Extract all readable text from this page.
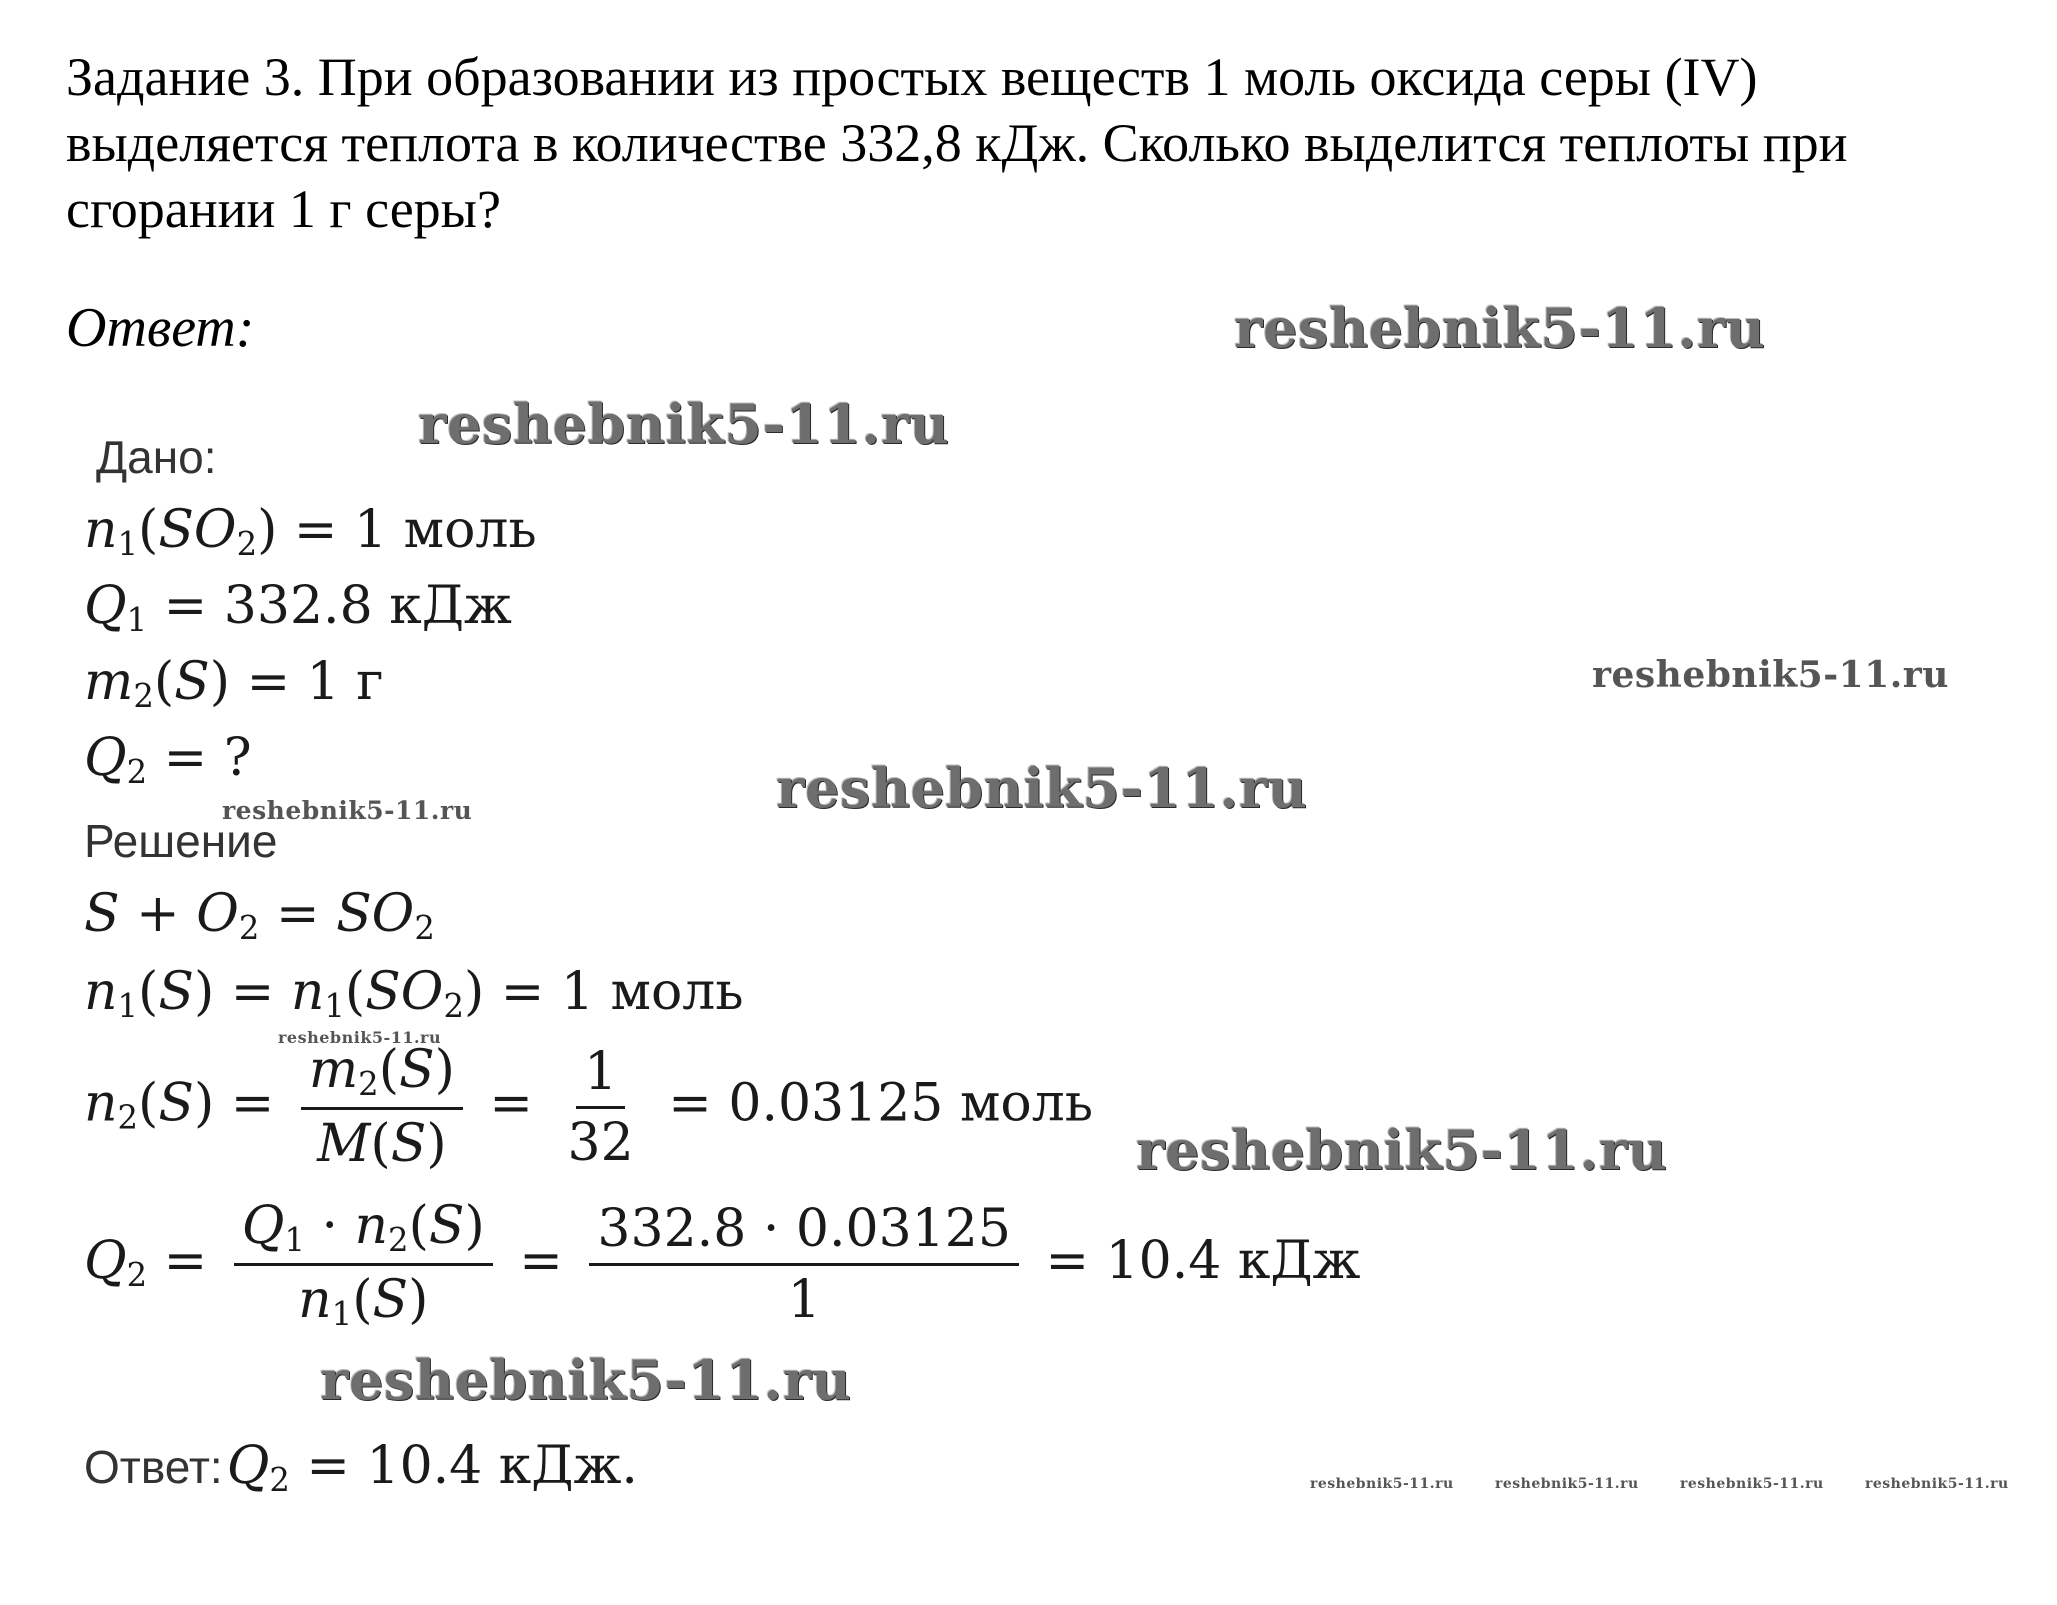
Задание 3. При образовании из простых веществ 1 моль оксида серы (IV) выделяется теплота в количестве 332,8 кДж. Сколько выделится теплоты при сгорании 1 г серы?

Ответ:	reshebnik5-11.ru
reshebnik5-11.ru
reshebnik5-11.ru
reshebnik5-11.ru
reshebnik5-11.ru
reshebnik5-11.ru
reshebnik5-11.ru
reshebnik5-11.ru
reshebnik5-11.ru	reshebnik5-11.ru	reshebnik5-11.ru	reshebnik5-11.ru
Дано:
$n_1(SO_2) = 1$ моль
$Q_1 = 332.8$ кДж
$m_2(S) = 1$ г
$Q_2$ = ?
Решение
$S + O_2 = SO_2$
$n_1(S) = n_1(SO_2) = 1$ моль
$n_2(S) = \frac{m_2(S)}{M(S)} = \frac{1}{32} = 0.03125$ моль
$Q_2 = \frac{Q_1 \cdot n_2(S)}{n_1(S)} = \frac{332.8 \cdot 0.03125}{1} = 10.4$ кДж
Ответ: $Q_2 = 10.4$ кДж.
